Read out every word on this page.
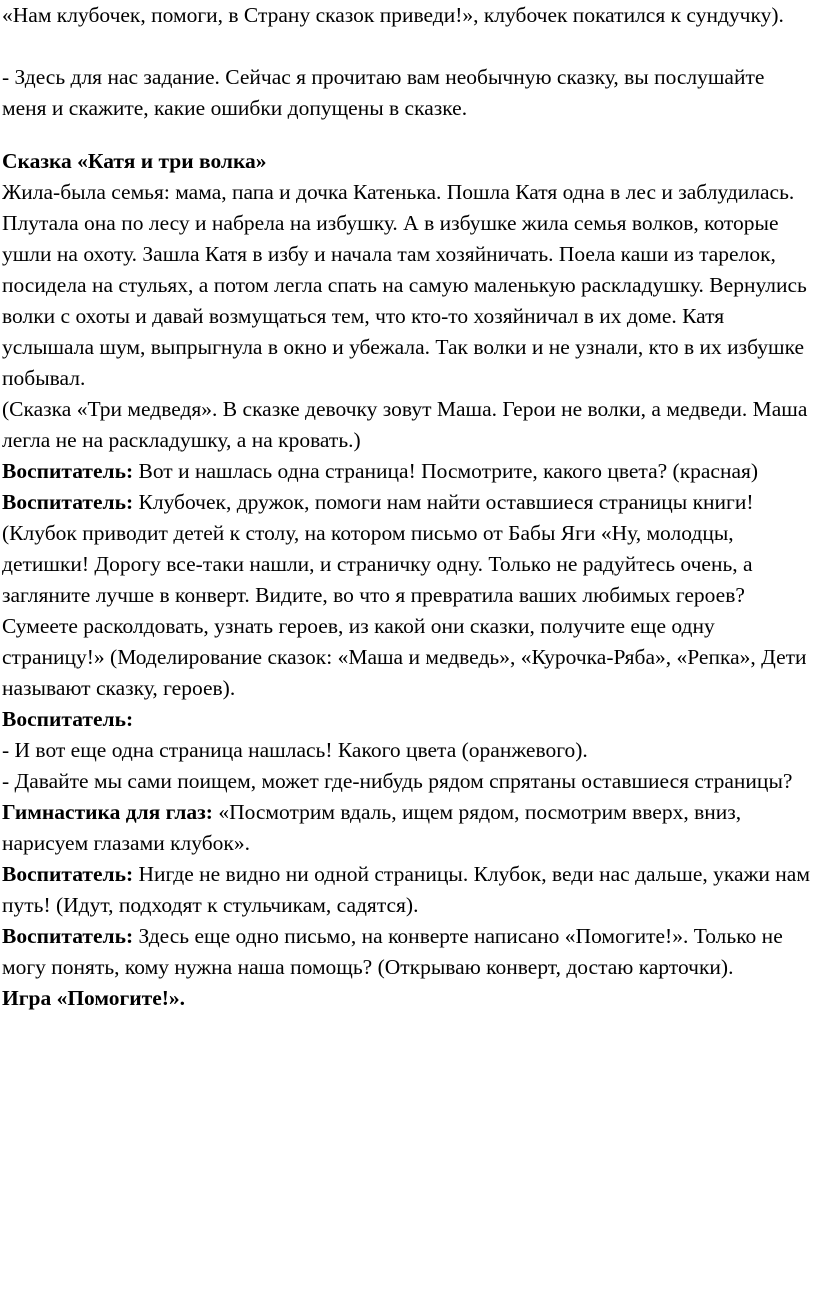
«Нам клубочек, помоги, в Страну сказок приведи!», клубочек покатился к сундучку).

- Здесь для нас задание. Сейчас я прочитаю вам необычную сказку, вы послушайте меня и скажите, какие ошибки допущены в сказке.

Сказка «Катя и три волка»

Жила-была семья: мама, папа и дочка Катенька. Пошла Катя одна в лес и заблудилась. Плутала она по лесу и набрела на избушку. А в избушке жила семья волков, которые ушли на охоту. Зашла Катя в избу и начала там хозяйничать. Поела каши из тарелок, посидела на стульях, а потом легла спать на самую маленькую раскладушку. Вернулись волки с охоты и давай возмущаться тем, что кто-то хозяйничал в их доме. Катя услышала шум, выпрыгнула в окно и убежала. Так волки и не узнали, кто в их избушке побывал.

(Сказка «Три медведя». В сказке девочку зовут Маша. Герои не волки, а медведи. Маша легла не на раскладушку, а на кровать.)

Воспитатель: Вот и нашлась одна страница! Посмотрите, какого цвета? (красная)

Воспитатель: Клубочек, дружок, помоги нам найти оставшиеся страницы книги! (Клубок приводит детей к столу, на котором письмо от Бабы Яги «Ну, молодцы, детишки! Дорогу все-таки нашли, и страничку одну. Только не радуйтесь очень, а загляните лучше в конверт. Видите, во что я превратила ваших любимых героев? Сумеете расколдовать, узнать героев, из какой они сказки, получите еще одну страницу!» (Моделирование сказок: «Маша и медведь», «Курочка-Ряба», «Репка», Дети называют сказку, героев).

Воспитатель:

- И вот еще одна страница нашлась! Какого цвета (оранжевого).

- Давайте мы сами поищем, может где-нибудь рядом спрятаны оставшиеся страницы?

Гимнастика для глаз: «Посмотрим вдаль, ищем рядом, посмотрим вверх, вниз, нарисуем глазами клубок».

Воспитатель: Нигде не видно ни одной страницы. Клубок, веди нас дальше, укажи нам путь! (Идут, подходят к стульчикам, садятся).

Воспитатель: Здесь еще одно письмо, на конверте написано «Помогите!». Только не могу понять, кому нужна наша помощь? (Открываю конверт, достаю карточки).

Игра «Помогите!».
